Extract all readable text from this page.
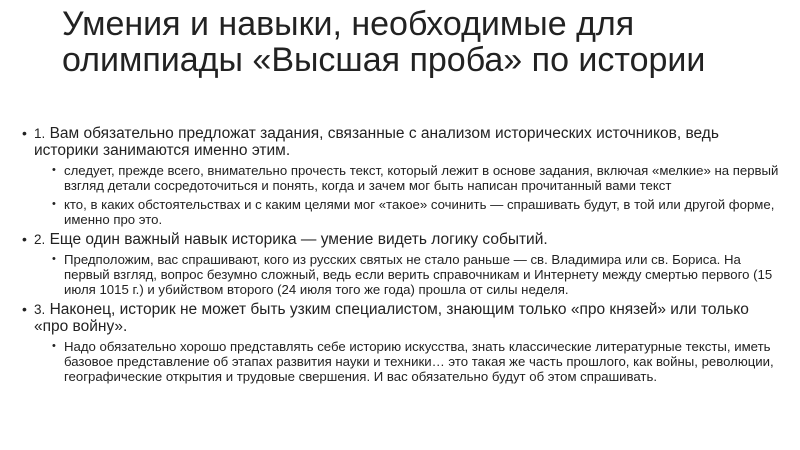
Умения и навыки, необходимые для олимпиады «Высшая проба» по истории
• 1. Вам обязательно предложат задания, связанные с анализом исторических источников, ведь историки занимаются именно этим.
• следует, прежде всего, внимательно прочесть текст, который лежит в основе задания, включая «мелкие» на первый взгляд детали сосредоточиться и понять, когда и зачем мог быть написан прочитанный вами текст
• кто, в каких обстоятельствах и с каким целями мог «такое» сочинить — спрашивать будут, в той или другой форме, именно про это.
• 2. Еще один важный навык историка — умение видеть логику событий.
• Предположим, вас спрашивают, кого из русских святых не стало раньше — св. Владимира или св. Бориса. На первый взгляд, вопрос безумно сложный, ведь если верить справочникам и Интернету между смертью первого (15 июля 1015 г.) и убийством второго (24 июля того же года) прошла от силы неделя.
• 3. Наконец, историк не может быть узким специалистом, знающим только «про князей» или только «про войну».
• Надо обязательно хорошо представлять себе историю искусства, знать классические литературные тексты, иметь базовое представление об этапах развития науки и техники… это такая же часть прошлого, как войны, революции, географические открытия и трудовые свершения. И вас обязательно будут об этом спрашивать.
